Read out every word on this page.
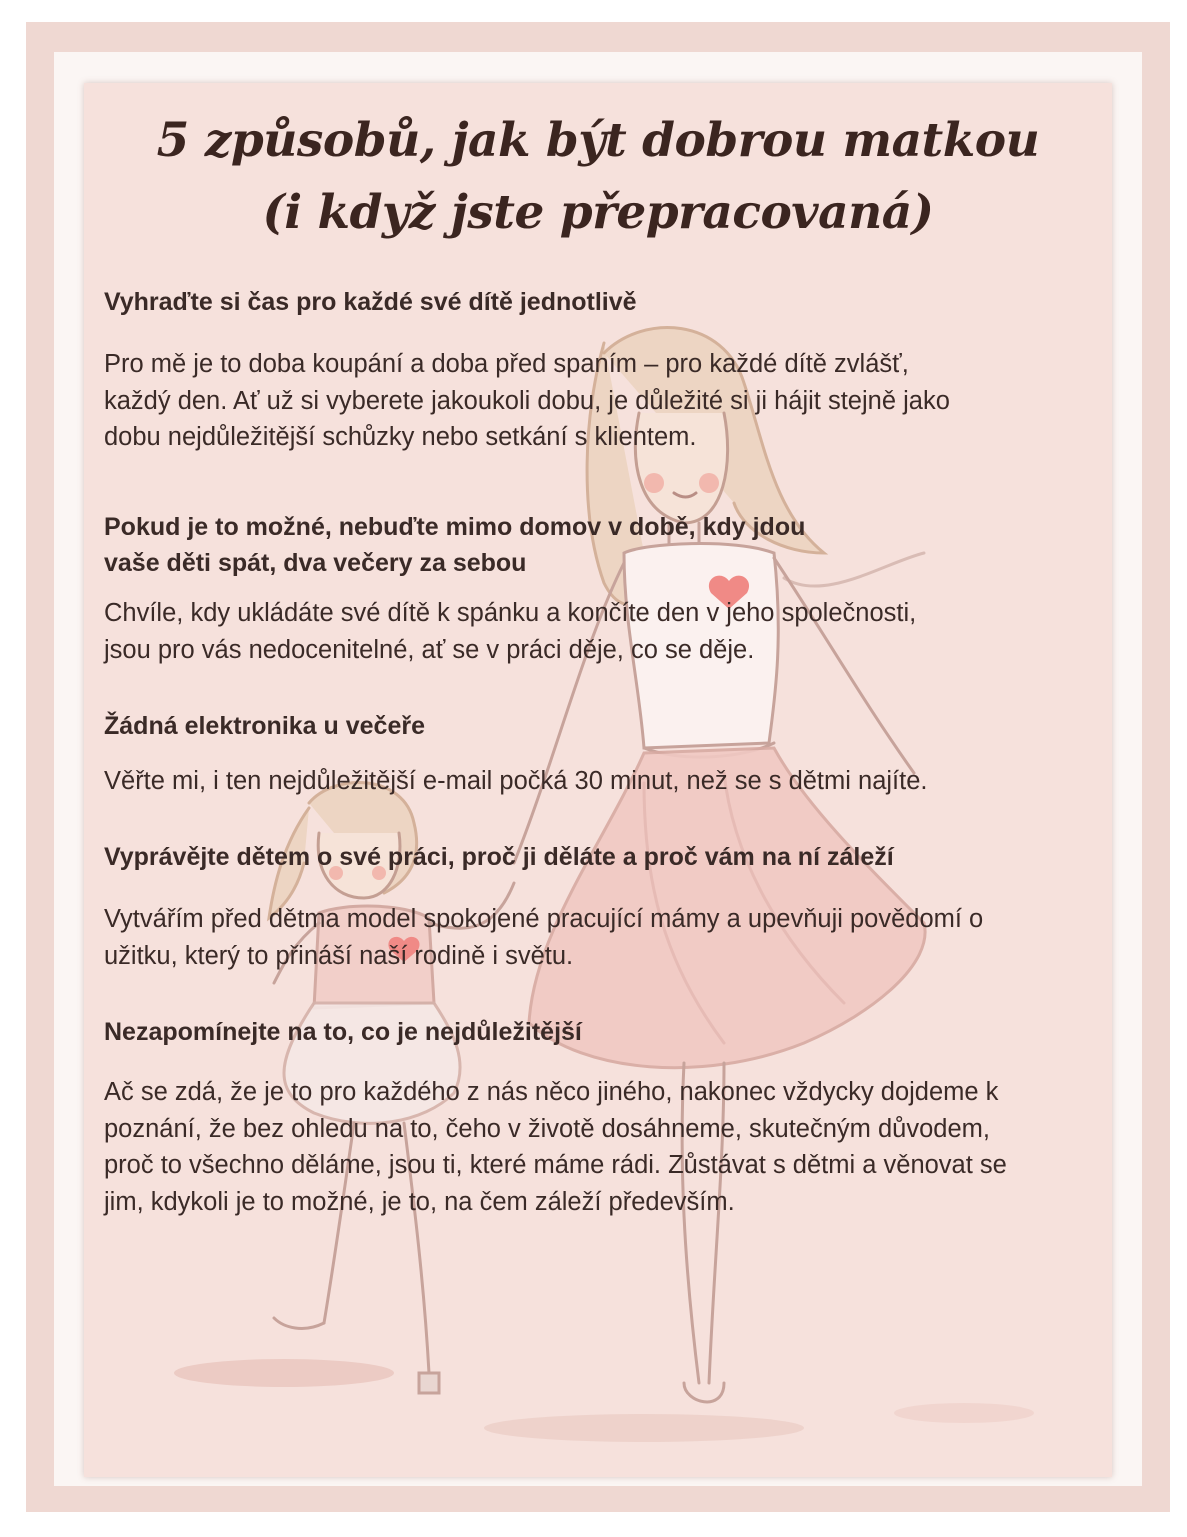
5 způsobů, jak být dobrou matkou
(i když jste přepracovaná)
Vyhraďte si čas pro každé své dítě jednotlivě

Pro mě je to doba koupání a doba před spaním – pro každé dítě zvlášť,
každý den. Ať už si vyberete jakoukoli dobu, je důležité si ji hájit stejně jako
dobu nejdůležitější schůzky nebo setkání s klientem.

Pokud je to možné, nebuďte mimo domov v době, kdy jdou
vaše děti spát, dva večery za sebou

Chvíle, kdy ukládáte své dítě k spánku a končíte den v jeho společnosti,
jsou pro vás nedocenitelné, ať se v práci děje, co se děje.

Žádná elektronika u večeře

Věřte mi, i ten nejdůležitější e-mail počká 30 minut, než se s dětmi najíte.

Vyprávějte dětem o své práci, proč ji děláte a proč vám na ní záleží

Vytvářím před dětma model spokojené pracující mámy a upevňuji povědomí o
užitku, který to přináší naší rodině i světu.

Nezapomínejte na to, co je nejdůležitější

Ač se zdá, že je to pro každého z nás něco jiného, nakonec vždycky dojdeme k
poznání, že bez ohledu na to, čeho v životě dosáhneme, skutečným důvodem,
proč to všechno děláme, jsou ti, které máme rádi. Zůstávat s dětmi a věnovat se
jim, kdykoli je to možné, je to, na čem záleží především.
